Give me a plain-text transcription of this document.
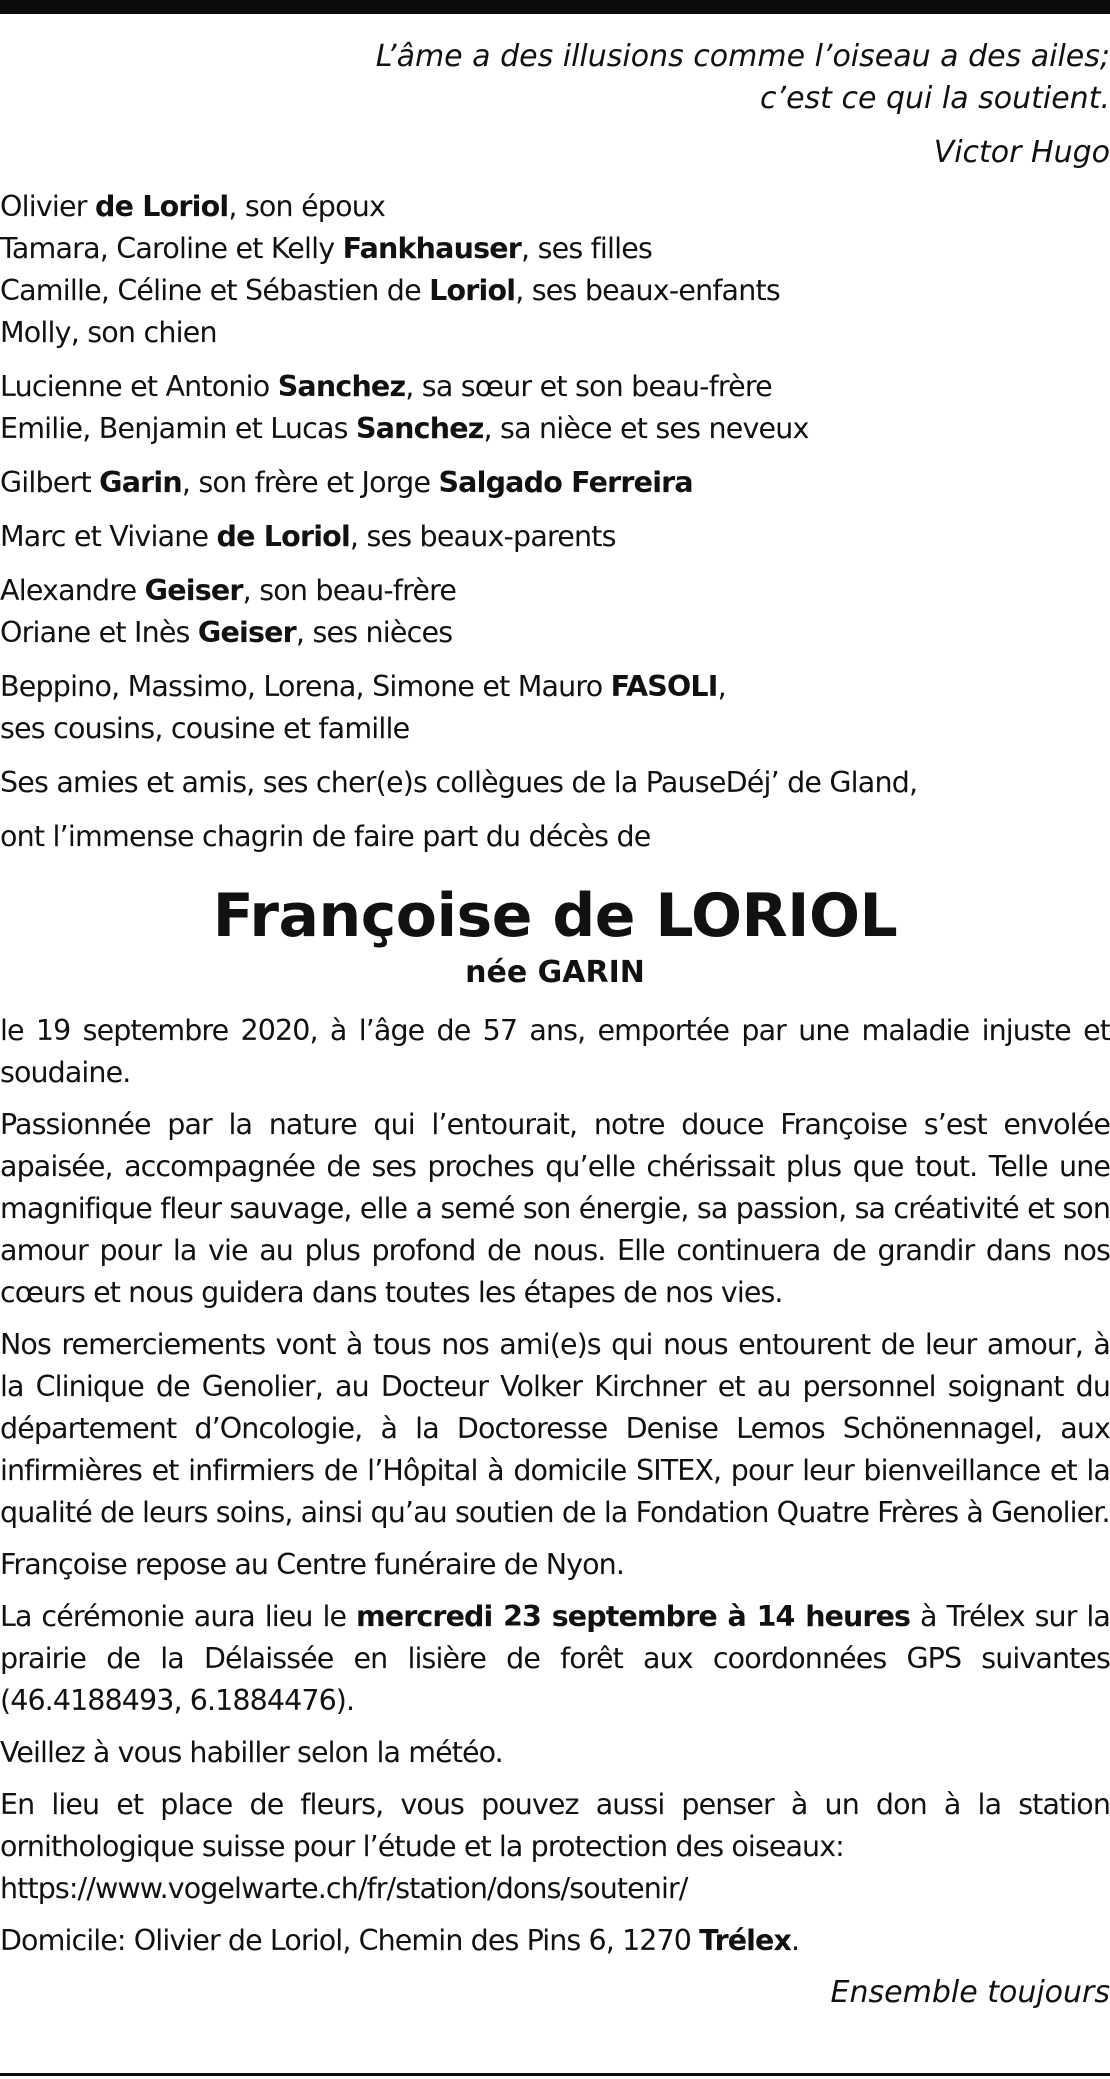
L’âme a des illusions comme l’oiseau a des ailes;
c’est ce qui la soutient.
Victor Hugo
Olivier de Loriol, son époux
Tamara, Caroline et Kelly Fankhauser, ses filles
Camille, Céline et Sébastien de Loriol, ses beaux-enfants
Molly, son chien
Lucienne et Antonio Sanchez, sa sœur et son beau-frère
Emilie, Benjamin et Lucas Sanchez, sa nièce et ses neveux
Gilbert Garin, son frère et Jorge Salgado Ferreira
Marc et Viviane de Loriol, ses beaux-parents
Alexandre Geiser, son beau-frère
Oriane et Inès Geiser, ses nièces
Beppino, Massimo, Lorena, Simone et Mauro FASOLI,
ses cousins, cousine et famille
Ses amies et amis, ses cher(e)s collègues de la PauseDéj’ de Gland,
ont l’immense chagrin de faire part du décès de
Françoise de LORIOL
née GARIN
le 19 septembre 2020, à l’âge de 57 ans, emportée par une maladie injuste et soudaine.
Passionnée par la nature qui l’entourait, notre douce Françoise s’est envolée apaisée, accompagnée de ses proches qu’elle chérissait plus que tout. Telle une magnifique fleur sauvage, elle a semé son énergie, sa passion, sa créativité et son amour pour la vie au plus profond de nous. Elle continuera de grandir dans nos cœurs et nous guidera dans toutes les étapes de nos vies.
Nos remerciements vont à tous nos ami(e)s qui nous entourent de leur amour, à la Clinique de Genolier, au Docteur Volker Kirchner et au personnel soignant du département d’Oncologie, à la Doctoresse Denise Lemos Schönennagel, aux infirmières et infirmiers de l’Hôpital à domicile SITEX, pour leur bienveillance et la qualité de leurs soins, ainsi qu’au soutien de la Fondation Quatre Frères à Genolier.
Françoise repose au Centre funéraire de Nyon.
La cérémonie aura lieu le mercredi 23 septembre à 14 heures à Trélex sur la prairie de la Délaissée en lisière de forêt aux coordonnées GPS suivantes (46.4188493, 6.1884476).
Veillez à vous habiller selon la météo.
En lieu et place de fleurs, vous pouvez aussi penser à un don à la station ornithologique suisse pour l’étude et la protection des oiseaux:
https://www.vogelwarte.ch/fr/station/dons/soutenir/
Domicile: Olivier de Loriol, Chemin des Pins 6, 1270 Trélex.
Ensemble toujours
